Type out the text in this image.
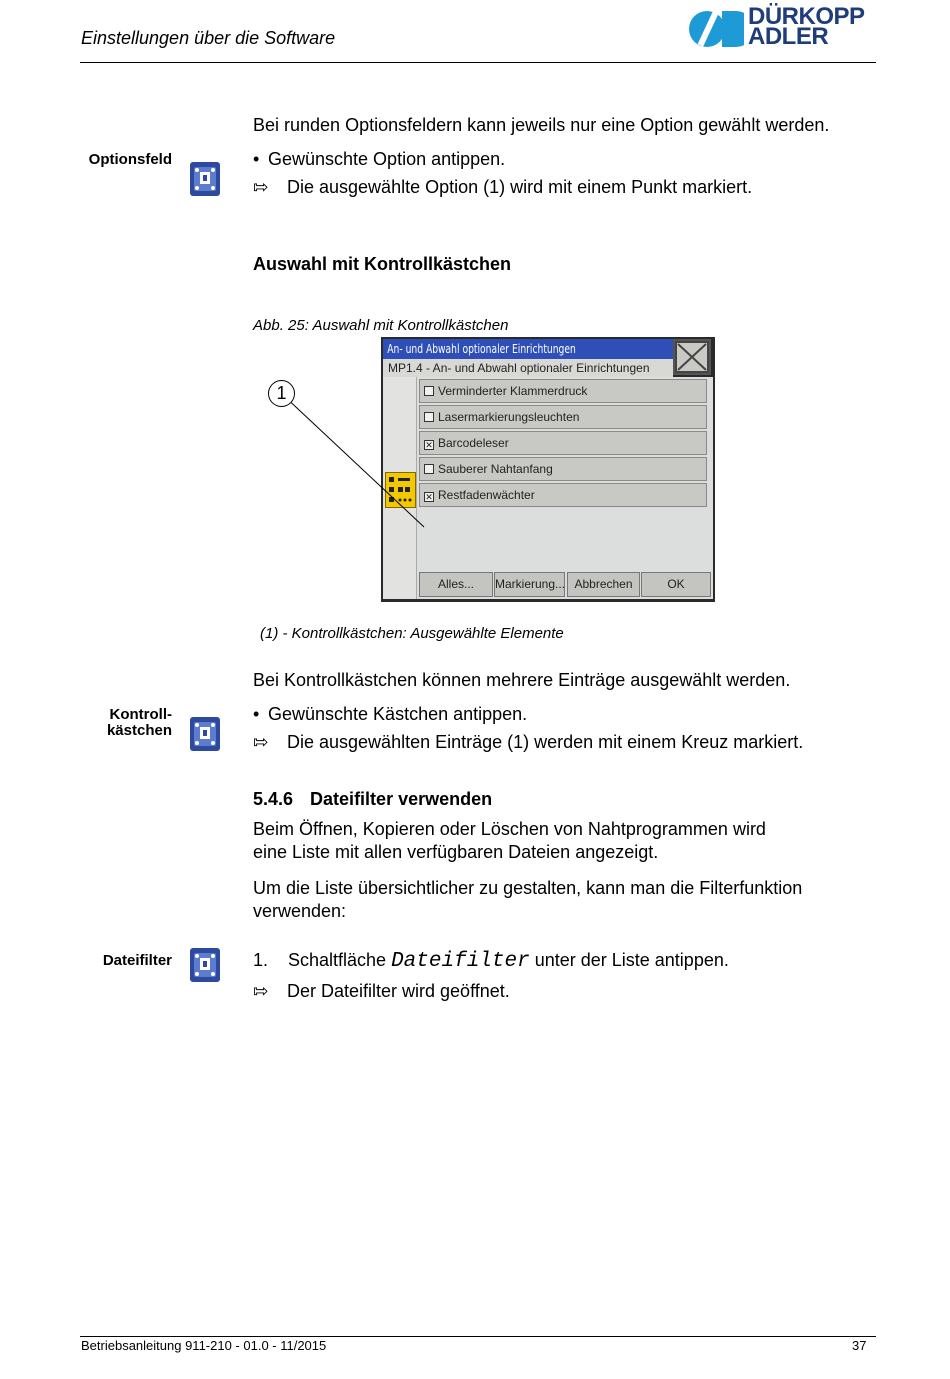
Einstellungen über die Software
DÜRKOPP
ADLER
Bei runden Optionsfeldern kann jeweils nur eine Option gewählt werden.
Optionsfeld	• Gewünschte Option antippen.
⇰ Die ausgewählte Option (1) wird mit einem Punkt markiert.
Auswahl mit Kontrollkästchen
Abb. 25: Auswahl mit Kontrollkästchen
An- und Abwahl optionaler Einrichtungen
MP1.4 - An- und Abwahl optionaler Einrichtungen
Verminderter Klammerdruck
Lasermarkierungsleuchten
✕ Barcodeleser
Sauberer Nahtanfang
✕ Restfadenwächter
Alles...	Markierung... Abbrechen	OK
1
(1) - Kontrollkästchen: Ausgewählte Elemente
Bei Kontrollkästchen können mehrere Einträge ausgewählt werden.
Kontroll-
kästchen
• Gewünschte Kästchen antippen.
⇰ Die ausgewählten Einträge (1) werden mit einem Kreuz markiert.
5.4.6 Dateifilter verwenden
Beim Öffnen, Kopieren oder Löschen von Nahtprogrammen wird
eine Liste mit allen verfügbaren Dateien angezeigt.
Um die Liste übersichtlicher zu gestalten, kann man die Filterfunktion
verwenden:
Dateifilter	1. Schaltfläche Dateifilter unter der Liste antippen.
⇰ Der Dateifilter wird geöffnet.
Betriebsanleitung 911-210 - 01.0 - 11/2015	37
